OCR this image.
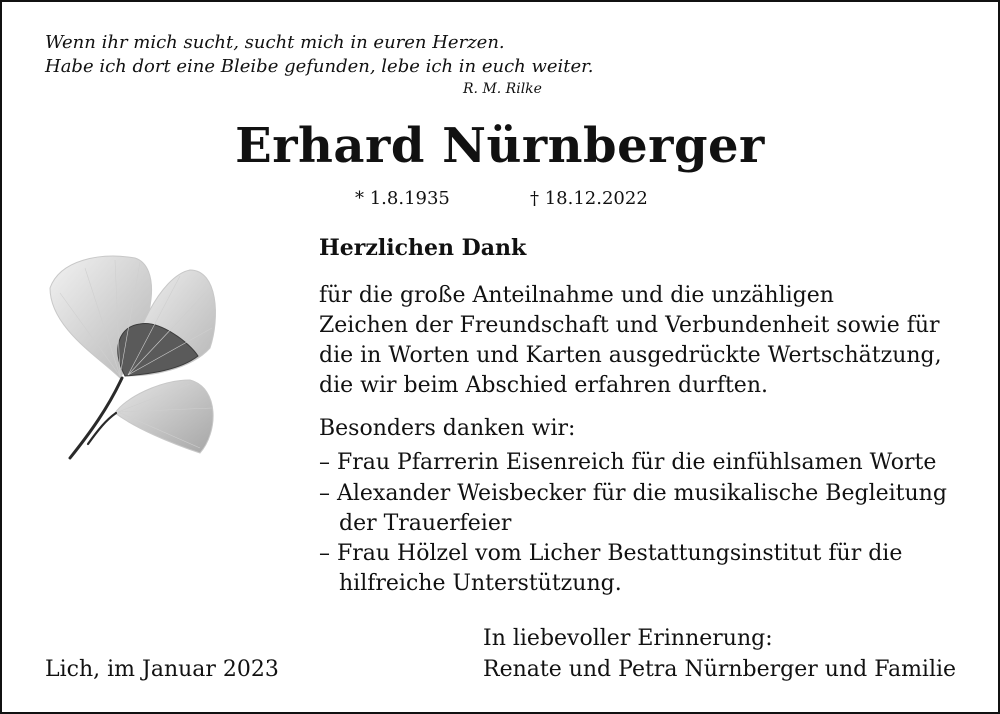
Wenn ihr mich sucht, sucht mich in euren Herzen.
Habe ich dort eine Bleibe gefunden, lebe ich in euch weiter.
R. M. Rilke
Erhard Nürnberger
* 1.8.1935	† 18.12.2022
Herzlichen Dank
für die große Anteilnahme und die unzähligen
Zeichen der Freundschaft und Verbundenheit sowie für
die in Worten und Karten ausgedrückte Wertschätzung,
die wir beim Abschied erfahren durften.
Besonders danken wir:
– Frau Pfarrerin Eisenreich für die einfühlsamen Worte
– Alexander Weisbecker für die musikalische Begleitung
der Trauerfeier
– Frau Hölzel vom Licher Bestattungsinstitut für die
hilfreiche Unterstützung.
In liebevoller Erinnerung:
Lich, im Januar 2023	Renate und Petra Nürnberger und Familie
